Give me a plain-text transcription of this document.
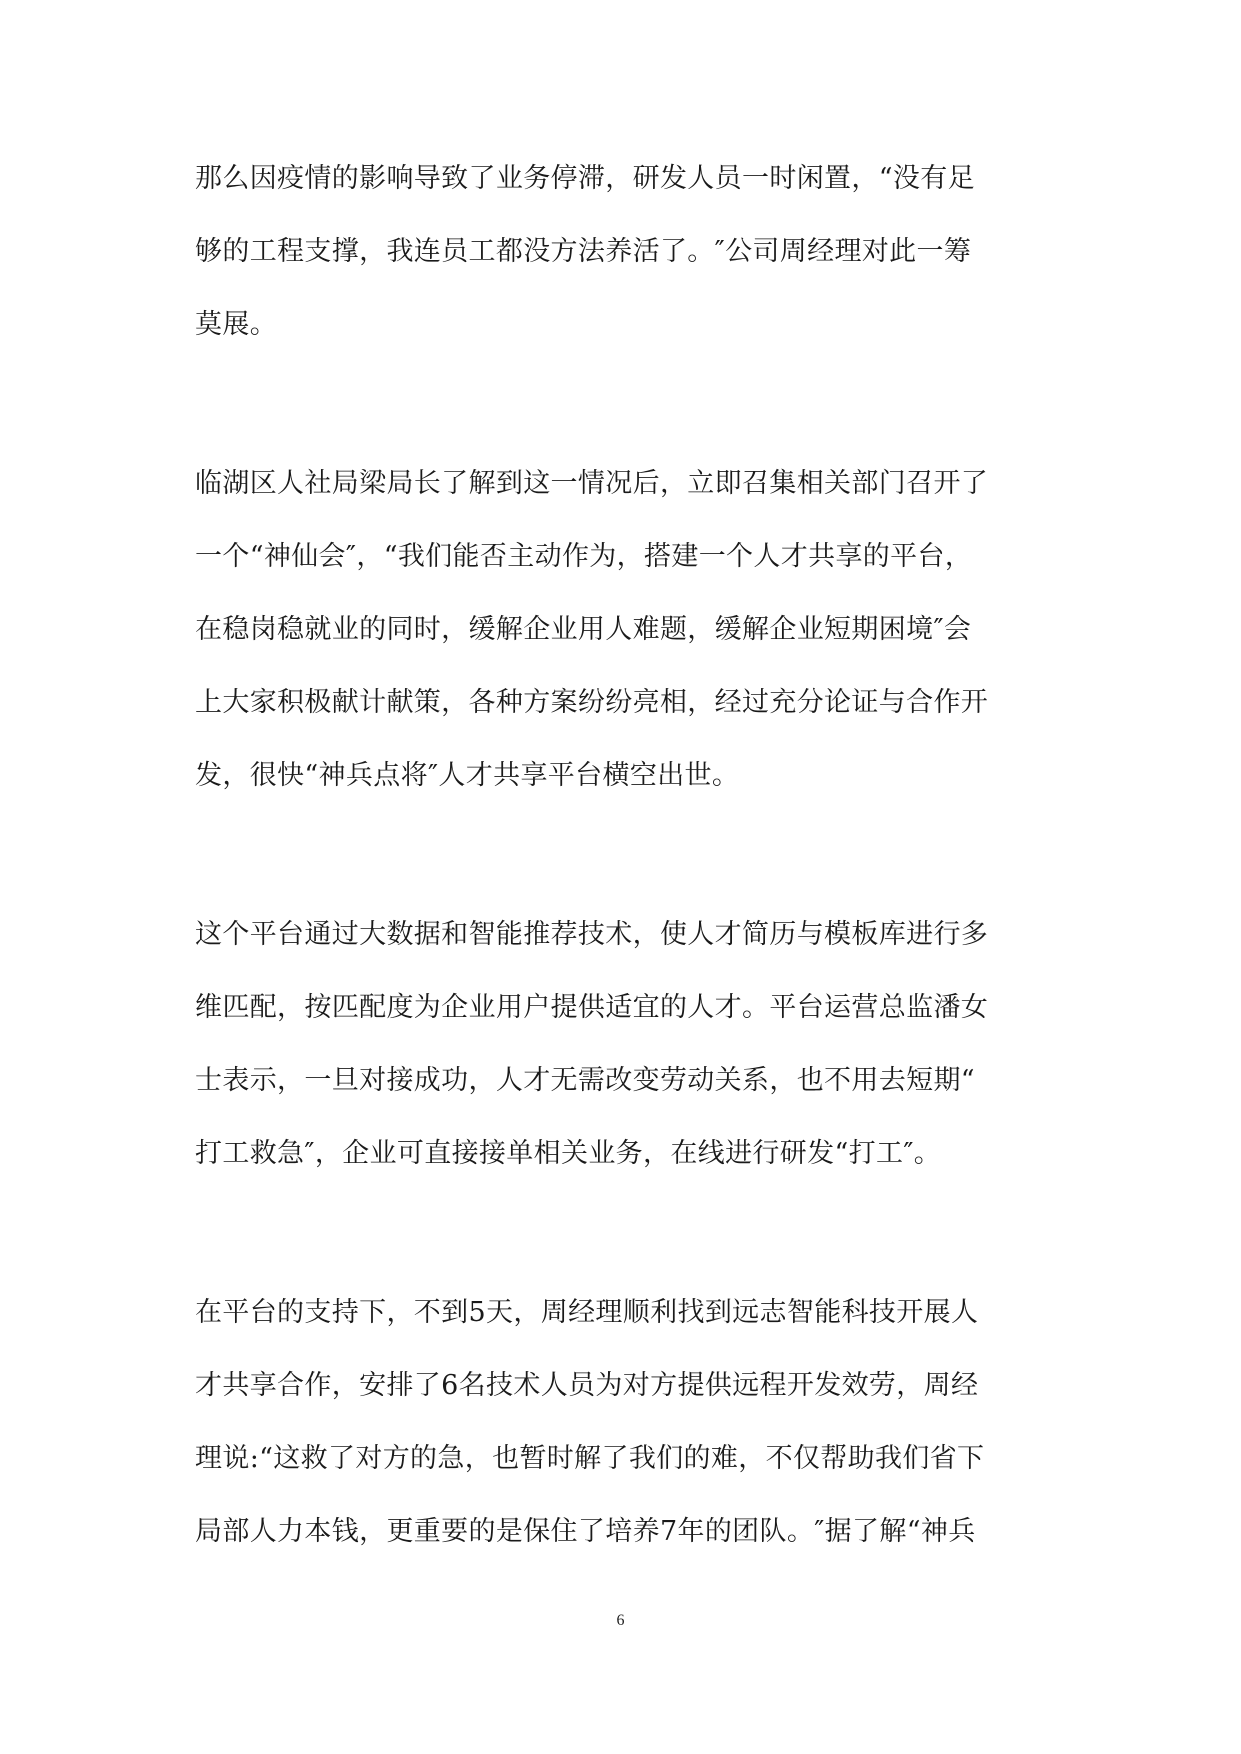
那么因疫情的影响导致了业务停滞，研发人员一时闲置，“没有足
够的工程支撑，我连员工都没方法养活了。″公司周经理对此一筹
莫展。
临湖区人社局梁局长了解到这一情况后，立即召集相关部门召开了
一个“神仙会″，“我们能否主动作为，搭建一个人才共享的平台，
在稳岗稳就业的同时，缓解企业用人难题，缓解企业短期困境″会
上大家积极献计献策，各种方案纷纷亮相，经过充分论证与合作开
发，很快“神兵点将″人才共享平台横空出世。
这个平台通过大数据和智能推荐技术，使人才简历与模板库进行多
维匹配，按匹配度为企业用户提供适宜的人才。平台运营总监潘女
士表示，一旦对接成功，人才无需改变劳动关系，也不用去短期“
打工救急″，企业可直接接单相关业务，在线进行研发“打工″。
在平台的支持下，不到5天，周经理顺利找到远志智能科技开展人
才共享合作，安排了6名技术人员为对方提供远程开发效劳，周经
理说:“这救了对方的急，也暂时解了我们的难，不仅帮助我们省下
局部人力本钱，更重要的是保住了培养7年的团队。″据了解“神兵
6
